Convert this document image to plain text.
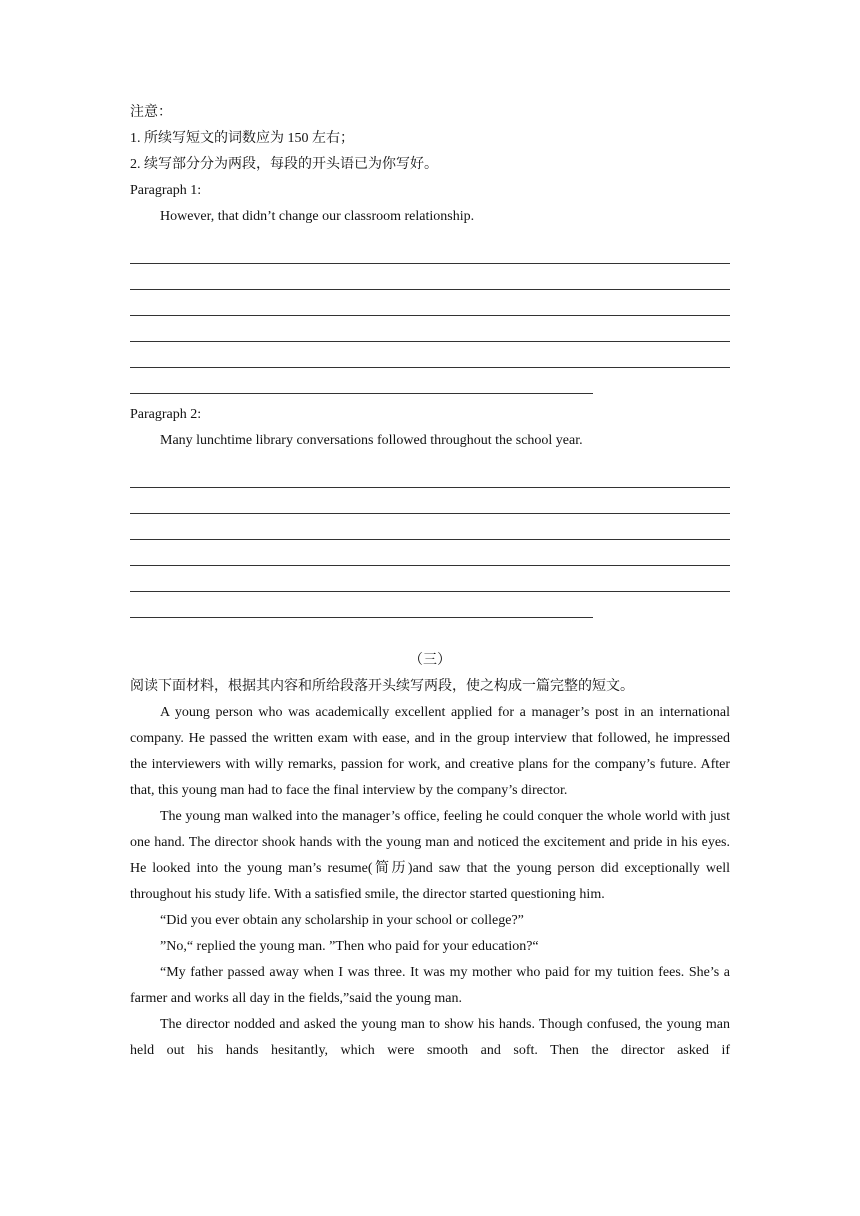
注意：
1. 所续写短文的词数应为 150 左右；
2. 续写部分分为两段，每段的开头语已为你写好。
Paragraph 1:
However, that didn’t change our classroom relationship.
Paragraph 2:
Many lunchtime library conversations followed throughout the school year.
（三）
阅读下面材料，根据其内容和所给段落开头续写两段，使之构成一篇完整的短文。

A young person who was academically excellent applied for a manager’s post in an international company. He passed the written exam with ease, and in the group interview that followed, he impressed the interviewers with willy remarks, passion for work, and creative plans for the company’s future. After that, this young man had to face the final interview by the company’s director.

The young man walked into the manager’s office, feeling he could conquer the whole world with just one hand. The director shook hands with the young man and noticed the excitement and pride in his eyes. He looked into the young man’s resume(简历)and saw that the young person did exceptionally well throughout his study life. With a satisfied smile, the director started questioning him.

“Did you ever obtain any scholarship in your school or college?”

”No,“ replied the young man. ”Then who paid for your education?“

“My father passed away when I was three. It was my mother who paid for my tuition fees. She’s a farmer and works all day in the fields,”said the young man.

The director nodded and asked the young man to show his hands. Though confused, the young man held out his hands hesitantly, which were smooth and soft. Then the director asked if
